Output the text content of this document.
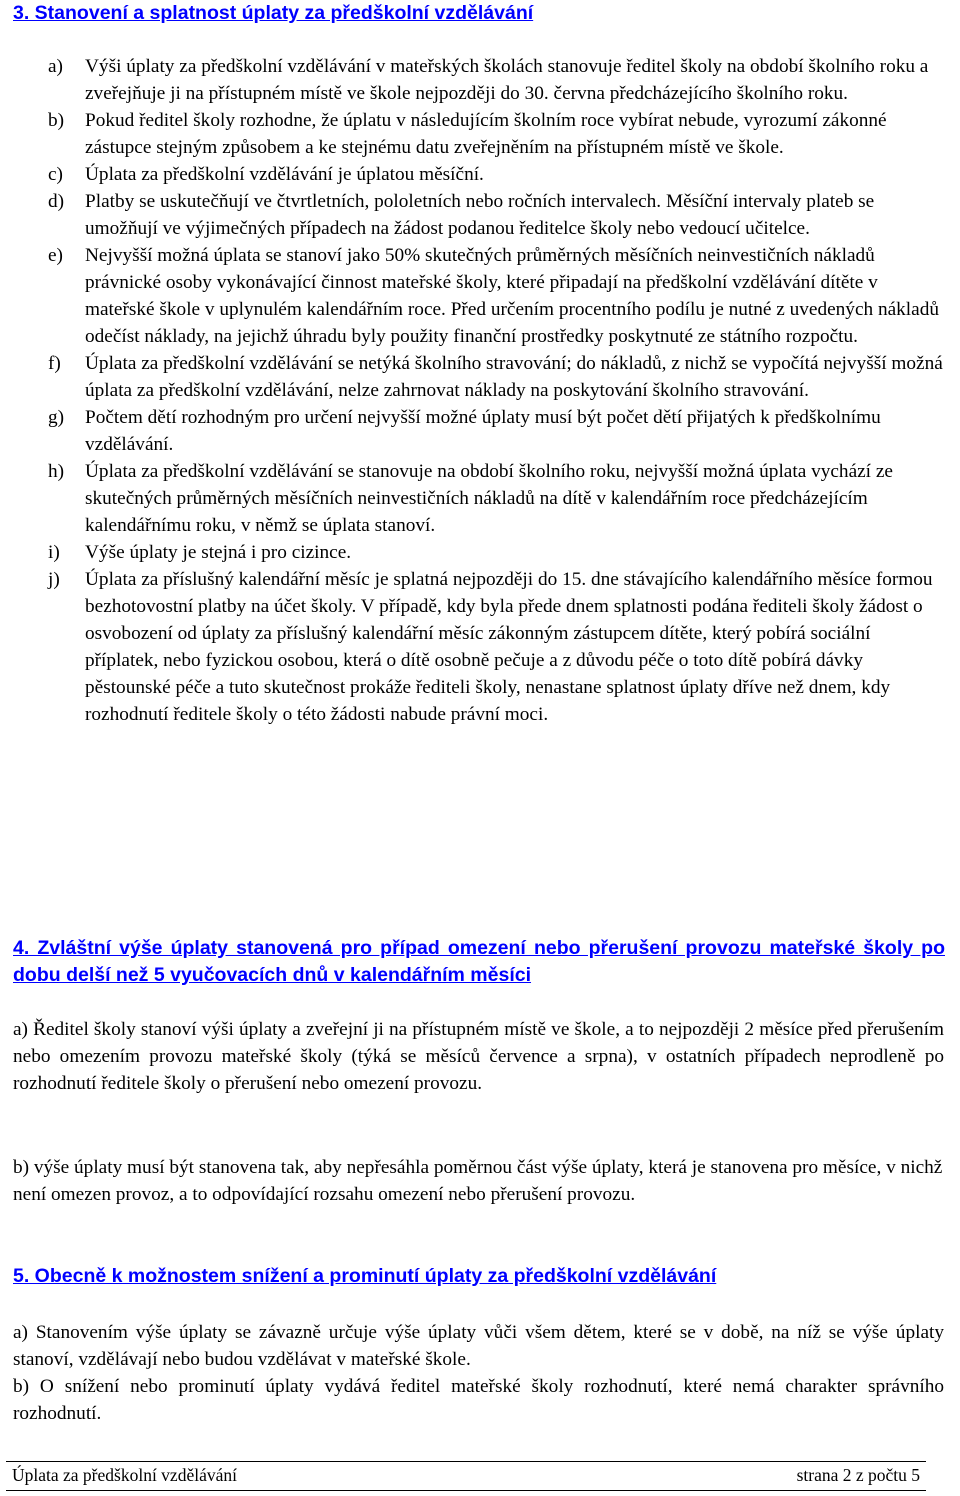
3. Stanovení a splatnost úplaty za předškolní vzdělávání
a) Výši úplaty za předškolní vzdělávání v mateřských školách stanovuje ředitel školy na období školního roku a zveřejňuje ji na přístupném místě ve škole nejpozději do 30. června předcházejícího školního roku.
b) Pokud ředitel školy rozhodne, že úplatu v následujícím školním roce vybírat nebude, vyrozumí zákonné zástupce stejným způsobem a ke stejnému datu zveřejněním na přístupném místě ve škole.
c) Úplata za předškolní vzdělávání je úplatou měsíční.
d) Platby se uskutečňují ve čtvrtletních, pololetních nebo ročních intervalech. Měsíční intervaly plateb se umožňují ve výjimečných případech na žádost podanou ředitelce školy nebo vedoucí učitelce.
e) Nejvyšší možná úplata se stanoví jako 50% skutečných průměrných měsíčních neinvestičních nákladů právnické osoby vykonávající činnost mateřské školy, které připadají na předškolní vzdělávání dítěte v mateřské škole v uplynulém kalendářním roce. Před určením procentního podílu je nutné z uvedených nákladů odečíst náklady, na jejichž úhradu byly použity finanční prostředky poskytnuté ze státního rozpočtu.
f) Úplata za předškolní vzdělávání se netýká školního stravování; do nákladů, z nichž se vypočítá nejvyšší možná úplata za předškolní vzdělávání, nelze zahrnovat náklady na poskytování školního stravování.
g) Počtem dětí rozhodným pro určení nejvyšší možné úplaty musí být počet dětí přijatých k předškolnímu vzdělávání.
h) Úplata za předškolní vzdělávání se stanovuje na období školního roku, nejvyšší možná úplata vychází ze skutečných průměrných měsíčních neinvestičních nákladů na dítě v kalendářním roce předcházejícím kalendářnímu roku, v němž se úplata stanoví.
i) Výše úplaty je stejná i pro cizince.
j) Úplata za příslušný kalendářní měsíc je splatná nejpozději do 15. dne stávajícího kalendářního měsíce formou bezhotovostní platby na účet školy. V případě, kdy byla přede dnem splatnosti podána řediteli školy žádost o osvobození od úplaty za příslušný kalendářní měsíc zákonným zástupcem dítěte, který pobírá sociální příplatek, nebo fyzickou osobou, která o dítě osobně pečuje a z důvodu péče o toto dítě pobírá dávky pěstounské péče a tuto skutečnost prokáže řediteli školy, nenastane splatnost úplaty dříve než dnem, kdy rozhodnutí ředitele školy o této žádosti nabude právní moci.
4. Zvláštní výše úplaty stanovená pro případ omezení nebo přerušení provozu mateřské školy po dobu delší než 5 vyučovacích dnů v kalendářním měsíci

a) Ředitel školy stanoví výši úplaty a zveřejní ji na přístupném místě ve škole, a to nejpozději 2 měsíce před přerušením nebo omezením provozu mateřské školy (týká se měsíců července a srpna), v ostatních případech neprodleně po rozhodnutí ředitele školy o přerušení nebo omezení provozu.

b) výše úplaty musí být stanovena tak, aby nepřesáhla poměrnou část výše úplaty, která je stanovena pro měsíce, v nichž není omezen provoz, a to odpovídající rozsahu omezení nebo přerušení provozu.

5. Obecně k možnostem snížení a prominutí úplaty za předškolní vzdělávání

a) Stanovením výše úplaty se závazně určuje výše úplaty vůči všem dětem, které se v době, na níž se výše úplaty stanoví, vzdělávají nebo budou vzdělávat v mateřské škole.

b) O snížení nebo prominutí úplaty vydává ředitel mateřské školy rozhodnutí, které nemá charakter správního rozhodnutí.

Úplata za předškolní vzdělávání	strana 2 z počtu 5
